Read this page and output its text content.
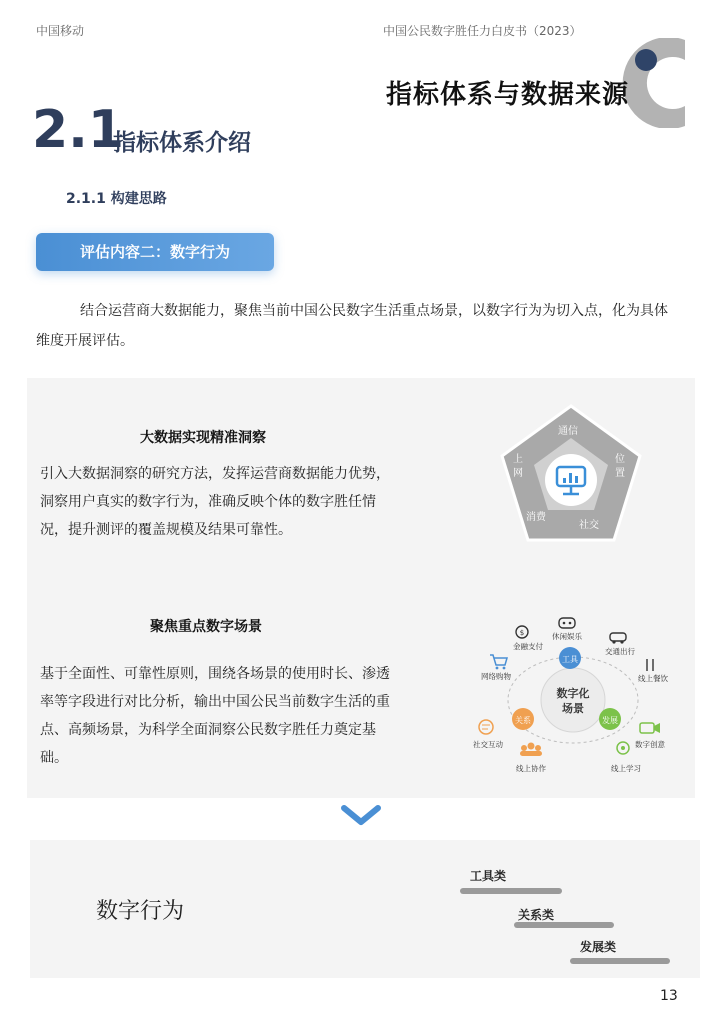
中国移动	中国公民数字胜任力白皮书（2023）
指标体系与数据来源
2.1
指标体系介绍
2.1.1 构建思路
评估内容二：数字行为
结合运营商大数据能力，聚焦当前中国公民数字生活重点场景，以数字行为为切入点，化为具体维度开展评估。
大数据实现精准洞察
引入大数据洞察的研究方法，发挥运营商数据能力优势，洞察用户真实的数字行为，准确反映个体的数字胜任情况，提升测评的覆盖规模及结果可靠性。
通信
位
置
社交
消费
上
网
聚焦重点数字场景
基于全面性、可靠性原则，围绕各场景的使用时长、渗透率等字段进行对比分析，输出中国公民当前数字生活的重点、高频场景，为科学全面洞察公民数字胜任力奠定基础。
数字化
场景
工具
关系	发展
休闲娱乐
交通出行
线上餐饮
数字创意
线上学习
线上协作
社交互动
网络购物
$
金融支付
数字行为
工具类
关系类
发展类
13
